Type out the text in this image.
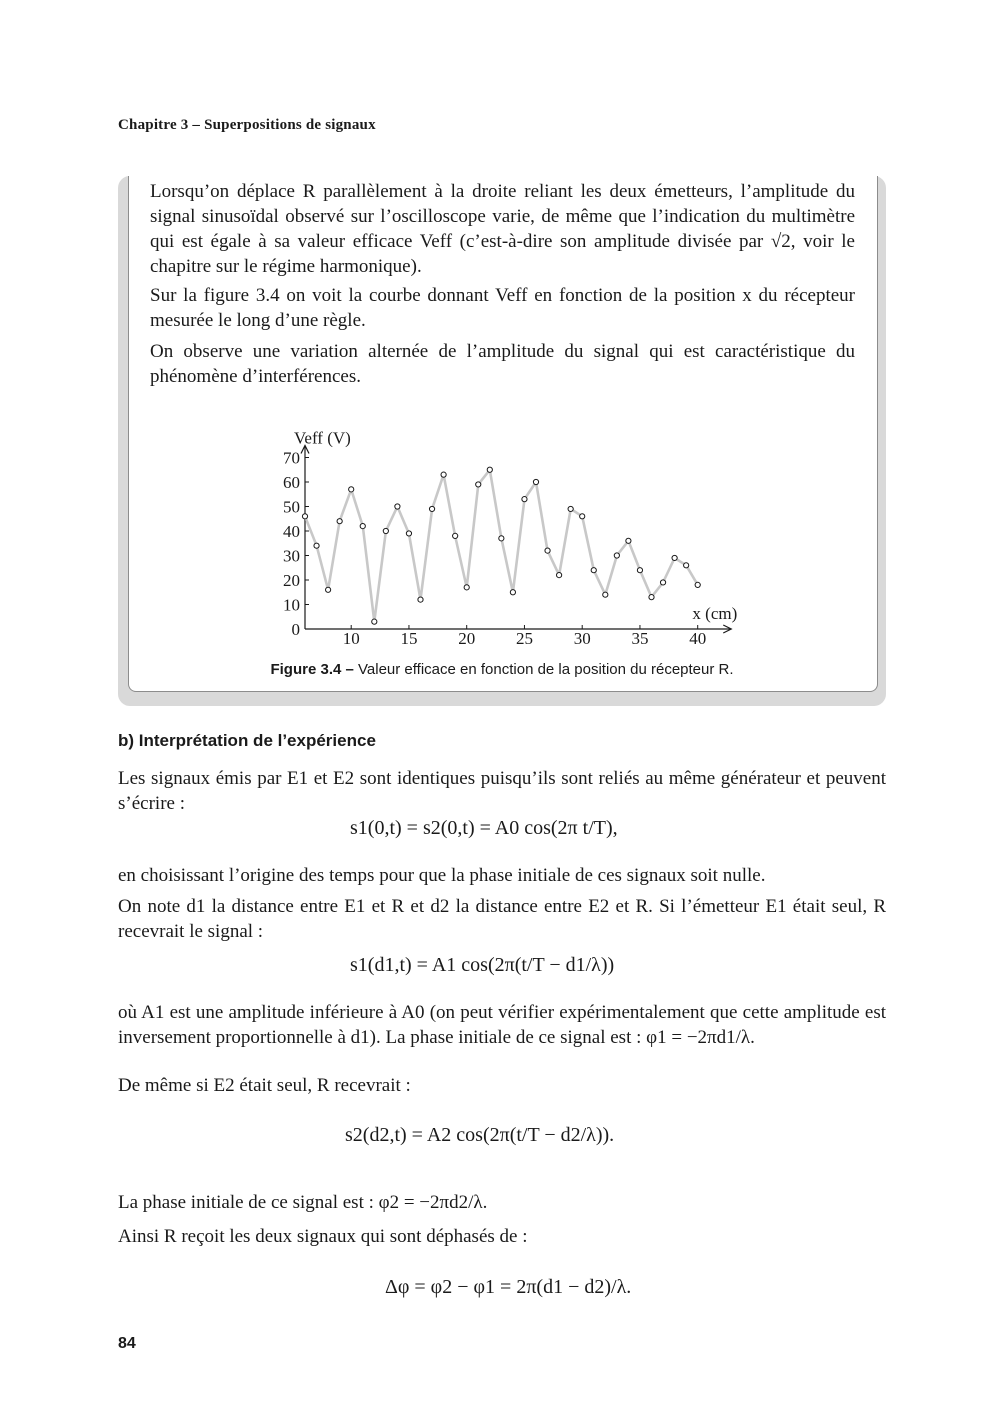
Chapitre 3 – Superpositions de signaux

Lorsqu’on déplace R parallèlement à la droite reliant les deux émetteurs, l’amplitude du signal sinusoïdal observé sur l’oscilloscope varie, de même que l’indication du multimètre qui est égale à sa valeur efficace Veff (c’est-à-dire son amplitude divisée par √2, voir le chapitre sur le régime harmonique).

Sur la figure 3.4 on voit la courbe donnant Veff en fonction de la position x du récepteur mesurée le long d’une règle.

On observe une variation alternée de l’amplitude du signal qui est caractéristique du phénomène d’interférences.

0
10
20
30
40
50
60
70
10 15 20 25 30 35 40
Veff (V)
x (cm)
Figure 3.4 – Valeur efficace en fonction de la position du récepteur R.
b) Interprétation de l’expérience

Les signaux émis par E1 et E2 sont identiques puisqu’ils sont reliés au même générateur et peuvent s’écrire :

s1(0,t) = s2(0,t) = A0 cos(2π t/T),

en choisissant l’origine des temps pour que la phase initiale de ces signaux soit nulle.

On note d1 la distance entre E1 et R et d2 la distance entre E2 et R. Si l’émetteur E1 était seul, R recevrait le signal :

s1(d1,t) = A1 cos(2π(t/T − d1/λ))

où A1 est une amplitude inférieure à A0 (on peut vérifier expérimentalement que cette amplitude est inversement proportionnelle à d1). La phase initiale de ce signal est : φ1 = −2πd1/λ.

De même si E2 était seul, R recevrait :

s2(d2,t) = A2 cos(2π(t/T − d2/λ)).

La phase initiale de ce signal est : φ2 = −2πd2/λ.

Ainsi R reçoit les deux signaux qui sont déphasés de :

Δφ = φ2 − φ1 = 2π(d1 − d2)/λ.
84
